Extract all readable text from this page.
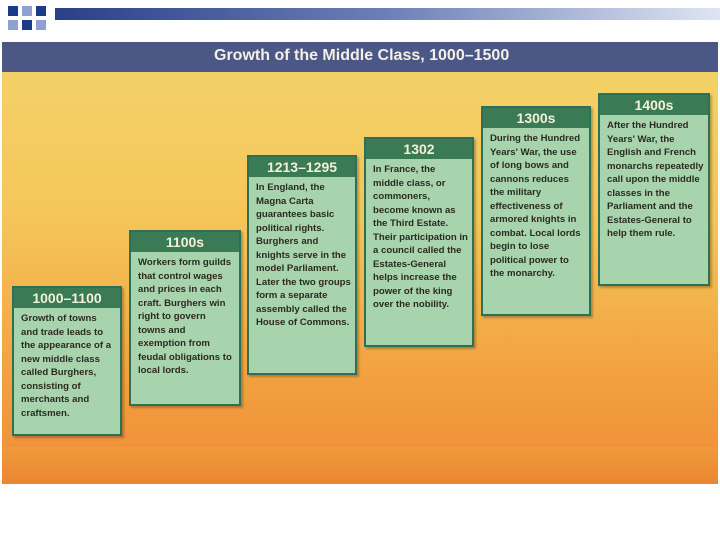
Growth of the Middle Class, 1000–1500
1000–1100
Growth of towns and trade leads to the appearance of a new middle class called Burghers, consisting of merchants and craftsmen.
1100s
Workers form guilds that control wages and prices in each craft. Burghers win right to govern towns and exemption from feudal obligations to local lords.
1213–1295
In England, the Magna Carta guarantees basic political rights. Burghers and knights serve in the model Parliament. Later the two groups form a separate assembly called the House of Commons.
1302
In France, the middle class, or commoners, become known as the Third Estate. Their participation in a council called the Estates-General helps increase the power of the king over the nobility.
1300s
During the Hundred Years' War, the use of long bows and cannons reduces the military effectiveness of armored knights in combat. Local lords begin to lose political power to the monarchy.
1400s
After the Hundred Years' War, the English and French monarchs repeatedly call upon the middle classes in the Parliament and the Estates-General to help them rule.
